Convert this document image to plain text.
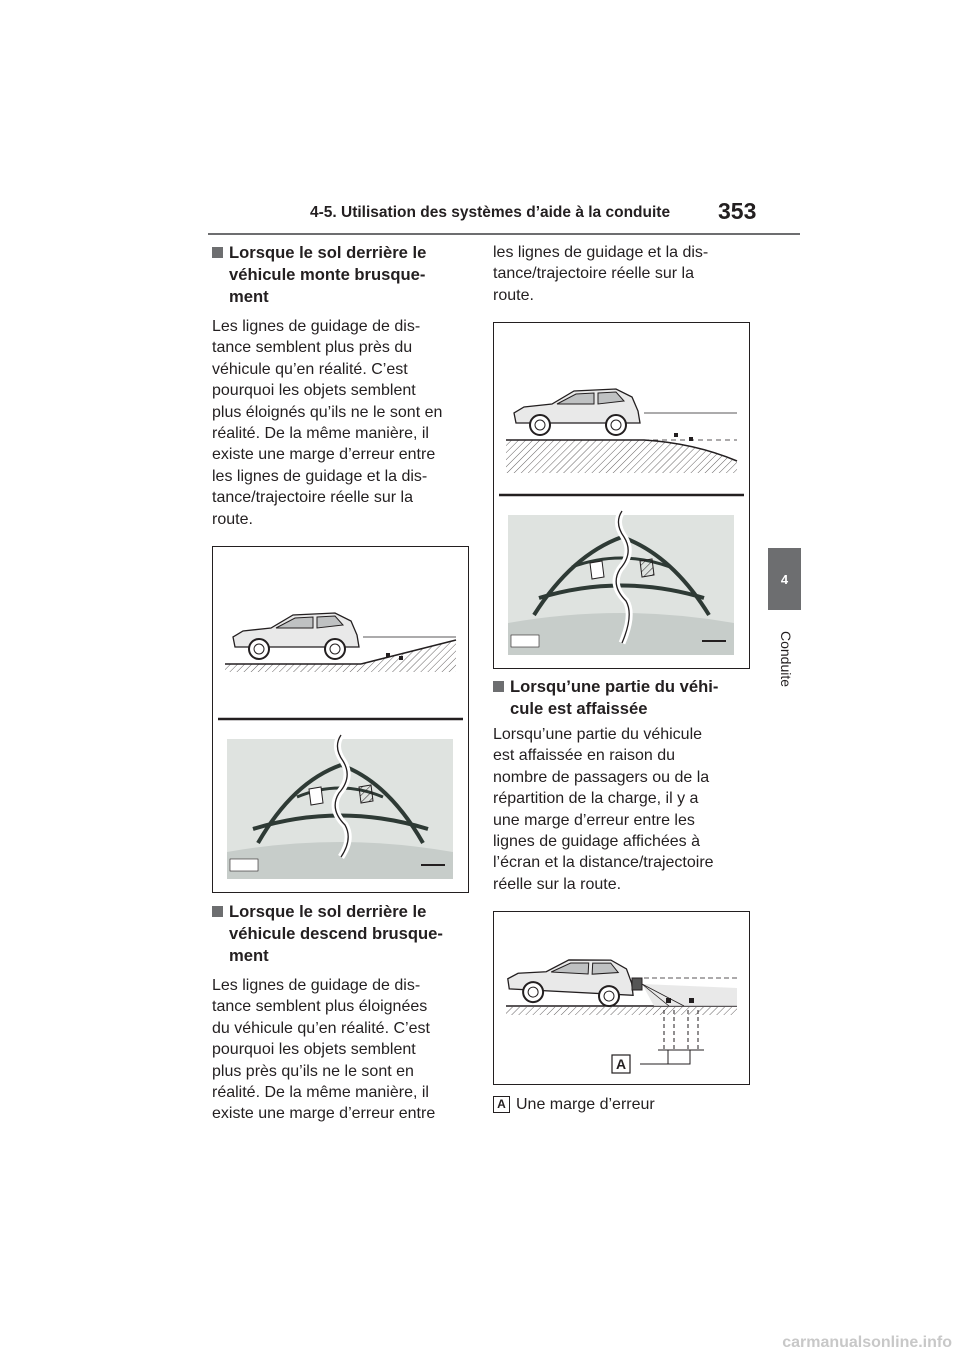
4-5. Utilisation des systèmes d’aide à la conduite 353
4
Conduite
Lorsque le sol derrière le
véhicule monte brusque-
ment
Les lignes de guidage de dis-
tance semblent plus près du
véhicule qu’en réalité. C’est
pourquoi les objets semblent
plus éloignés qu’ils ne le sont en
réalité. De la même manière, il
existe une marge d’erreur entre
les lignes de guidage et la dis-
tance/trajectoire réelle sur la
route.
Lorsque le sol derrière le
véhicule descend brusque-
ment
Les lignes de guidage de dis-
tance semblent plus éloignées
du véhicule qu’en réalité. C’est
pourquoi les objets semblent
plus près qu’ils ne le sont en
réalité. De la même manière, il
existe une marge d’erreur entre
les lignes de guidage et la dis-
tance/trajectoire réelle sur la
route.
Lorsqu’une partie du véhi-
cule est affaissée
Lorsqu’une partie du véhicule
est affaissée en raison du
nombre de passagers ou de la
répartition de la charge, il y a
une marge d’erreur entre les
lignes de guidage affichées à
l’écran et la distance/trajectoire
réelle sur la route.
A
A Une marge d’erreur
carmanualsonline.info
